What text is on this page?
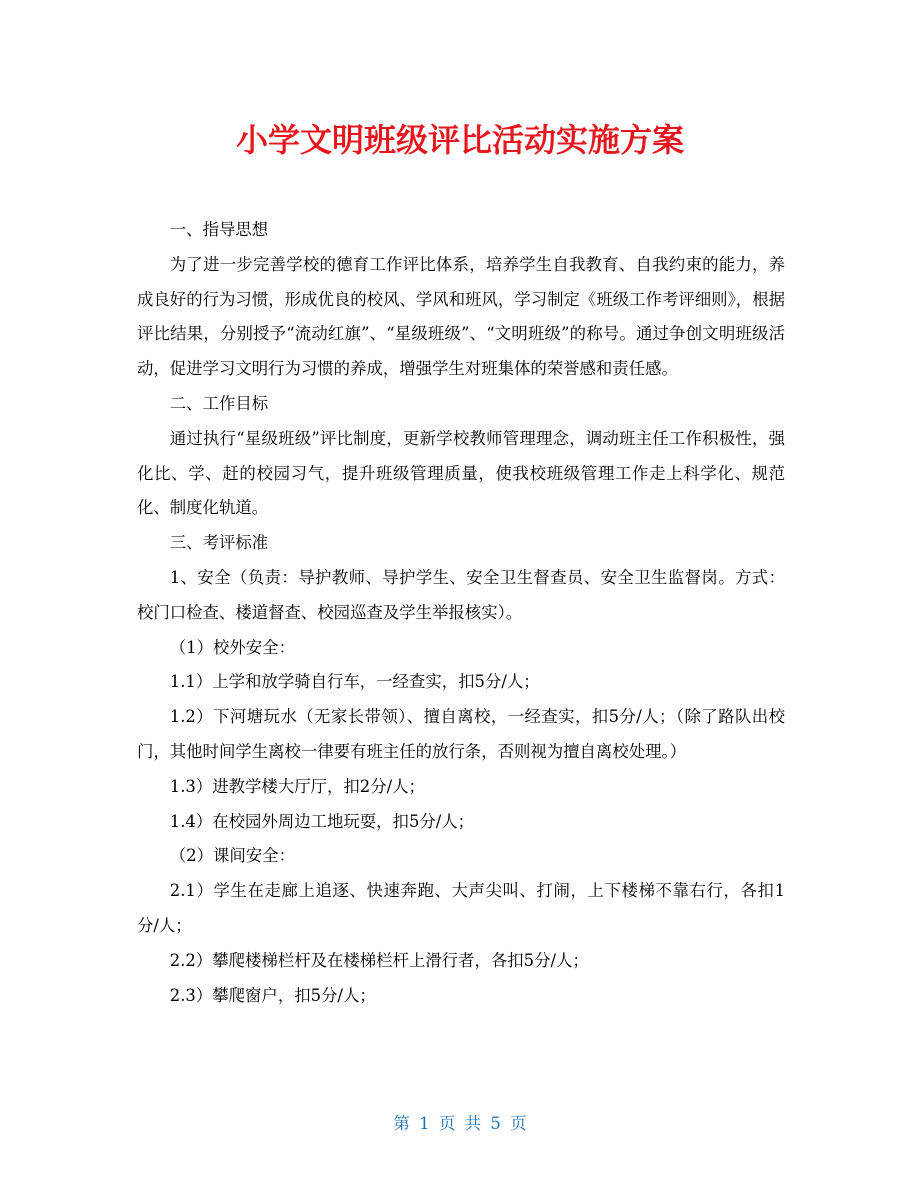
小学文明班级评比活动实施方案

一、指导思想

为了进一步完善学校的德育工作评比体系，培养学生自我教育、自我约束的能力，养成良好的行为习惯，形成优良的校风、学风和班风，学习制定《班级工作考评细则》，根据评比结果，分别授予“流动红旗”、“星级班级”、“文明班级”的称号。通过争创文明班级活动，促进学习文明行为习惯的养成，增强学生对班集体的荣誉感和责任感。

二、工作目标

通过执行“星级班级”评比制度，更新学校教师管理理念，调动班主任工作积极性，强化比、学、赶的校园习气，提升班级管理质量，使我校班级管理工作走上科学化、规范化、制度化轨道。

三、考评标准

1、安全（负责：导护教师、导护学生、安全卫生督查员、安全卫生监督岗。方式：校门口检查、楼道督查、校园巡查及学生举报核实）。

（1）校外安全：

1.1）上学和放学骑自行车，一经查实，扣5分/人；

1.2）下河塘玩水（无家长带领）、擅自离校，一经查实，扣5分/人；（除了路队出校门，其他时间学生离校一律要有班主任的放行条，否则视为擅自离校处理。）

1.3）进教学楼大厅厅，扣2分/人；

1.4）在校园外周边工地玩耍，扣5分/人；

（2）课间安全：

2.1）学生在走廊上追逐、快速奔跑、大声尖叫、打闹，上下楼梯不靠右行，各扣1分/人；

2.2）攀爬楼梯栏杆及在楼梯栏杆上滑行者，各扣5分/人；

2.3）攀爬窗户，扣5分/人；

第 1 页 共 5 页
